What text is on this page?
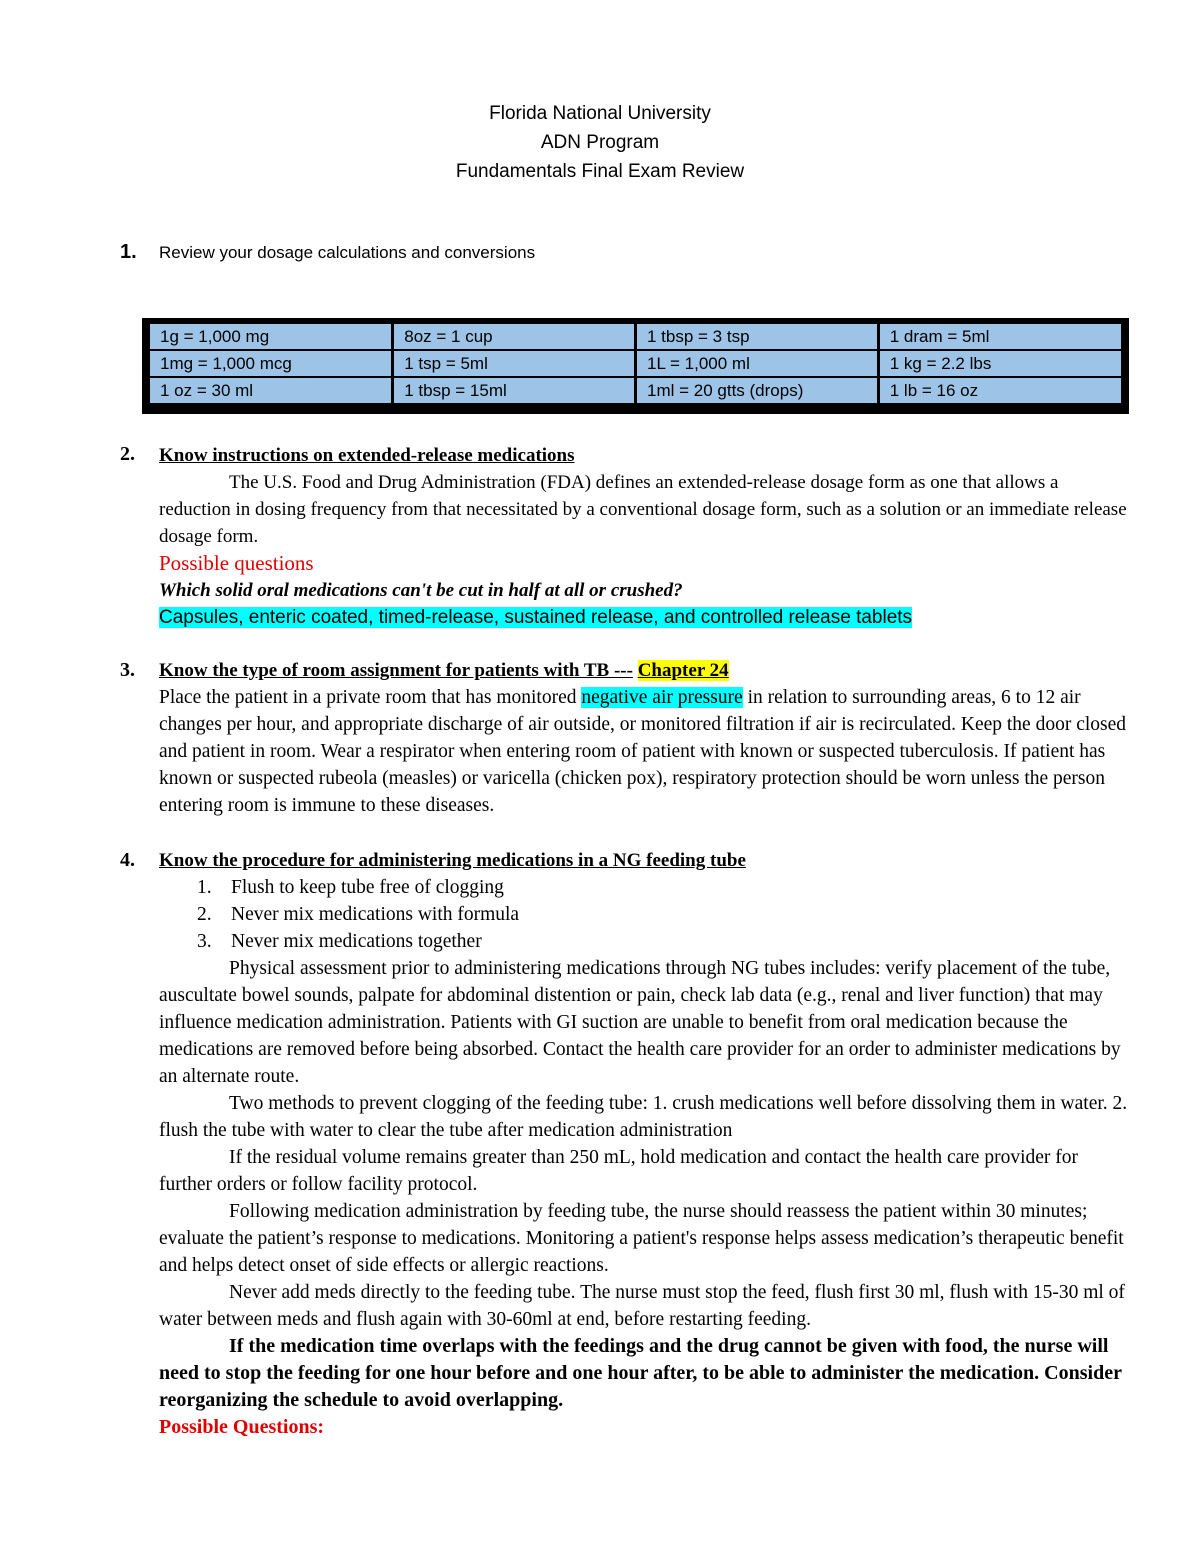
Florida National University
ADN Program
Fundamentals Final Exam Review
1. Review your dosage calculations and conversions
1g = 1,000 mg	8oz = 1 cup	1 tbsp = 3 tsp	1 dram = 5ml
1mg = 1,000 mcg	1 tsp = 5ml	1L = 1,000 ml	1 kg = 2.2 lbs
1 oz = 30 ml	1 tbsp = 15ml	1ml = 20 gtts (drops)	1 lb = 16 oz
2. Know instructions on extended-release medications

The U.S. Food and Drug Administration (FDA) defines an extended-release dosage form as one that allows a reduction in dosing frequency from that necessitated by a conventional dosage form, such as a solution or an immediate release dosage form.

Possible questions

Which solid oral medications can't be cut in half at all or crushed?

Capsules, enteric coated, timed-release, sustained release, and controlled release tablets

3. Know the type of room assignment for patients with TB --- Chapter 24

Place the patient in a private room that has monitored negative air pressure in relation to surrounding areas, 6 to 12 air changes per hour, and appropriate discharge of air outside, or monitored filtration if air is recirculated. Keep the door closed and patient in room. Wear a respirator when entering room of patient with known or suspected tuberculosis. If patient has known or suspected rubeola (measles) or varicella (chicken pox), respiratory protection should be worn unless the person entering room is immune to these diseases.

4. Know the procedure for administering medications in a NG feeding tube

1. Flush to keep tube free of clogging
2. Never mix medications with formula
3. Never mix medications together

Physical assessment prior to administering medications through NG tubes includes: verify placement of the tube, auscultate bowel sounds, palpate for abdominal distention or pain, check lab data (e.g., renal and liver function) that may influence medication administration. Patients with GI suction are unable to benefit from oral medication because the medications are removed before being absorbed. Contact the health care provider for an order to administer medications by an alternate route.

Two methods to prevent clogging of the feeding tube: 1. crush medications well before dissolving them in water. 2. flush the tube with water to clear the tube after medication administration

If the residual volume remains greater than 250 mL, hold medication and contact the health care provider for further orders or follow facility protocol.

Following medication administration by feeding tube, the nurse should reassess the patient within 30 minutes; evaluate the patient’s response to medications. Monitoring a patient's response helps assess medication’s therapeutic benefit and helps detect onset of side effects or allergic reactions.

Never add meds directly to the feeding tube. The nurse must stop the feed, flush first 30 ml, flush with 15-30 ml of water between meds and flush again with 30-60ml at end, before restarting feeding.

If the medication time overlaps with the feedings and the drug cannot be given with food, the nurse will need to stop the feeding for one hour before and one hour after, to be able to administer the medication. Consider reorganizing the schedule to avoid overlapping.

Possible Questions:
